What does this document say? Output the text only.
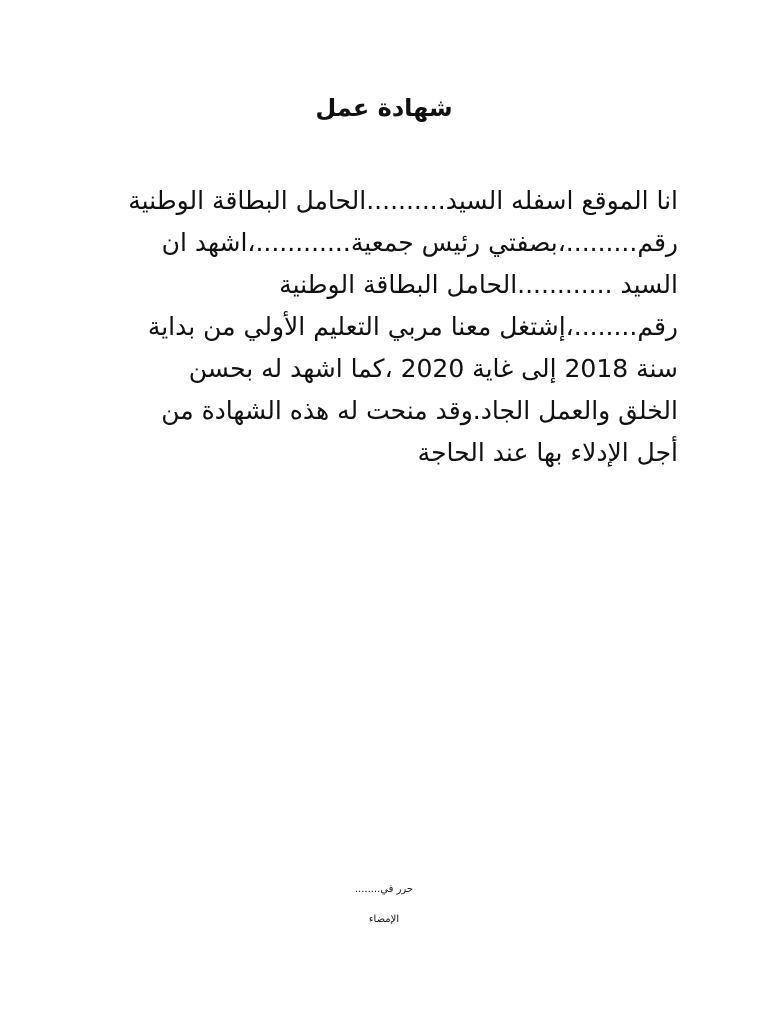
شهادة عمل
انا الموقع اسفله السيد..........الحامل البطاقة الوطنية
رقم.........،بصفتي رئيس جمعية............،اشهد ان
السيد ............الحامل البطاقة الوطنية
رقم........،إشتغل معنا مربي التعليم الأولي من بداية
سنة 2018 إلى غاية 2020 ،كما اشهد له بحسن
الخلق والعمل الجاد.وقد منحت له هذه الشهادة من
أجل الإدلاء بها عند الحاجة
حرر في........
الإمضاء
